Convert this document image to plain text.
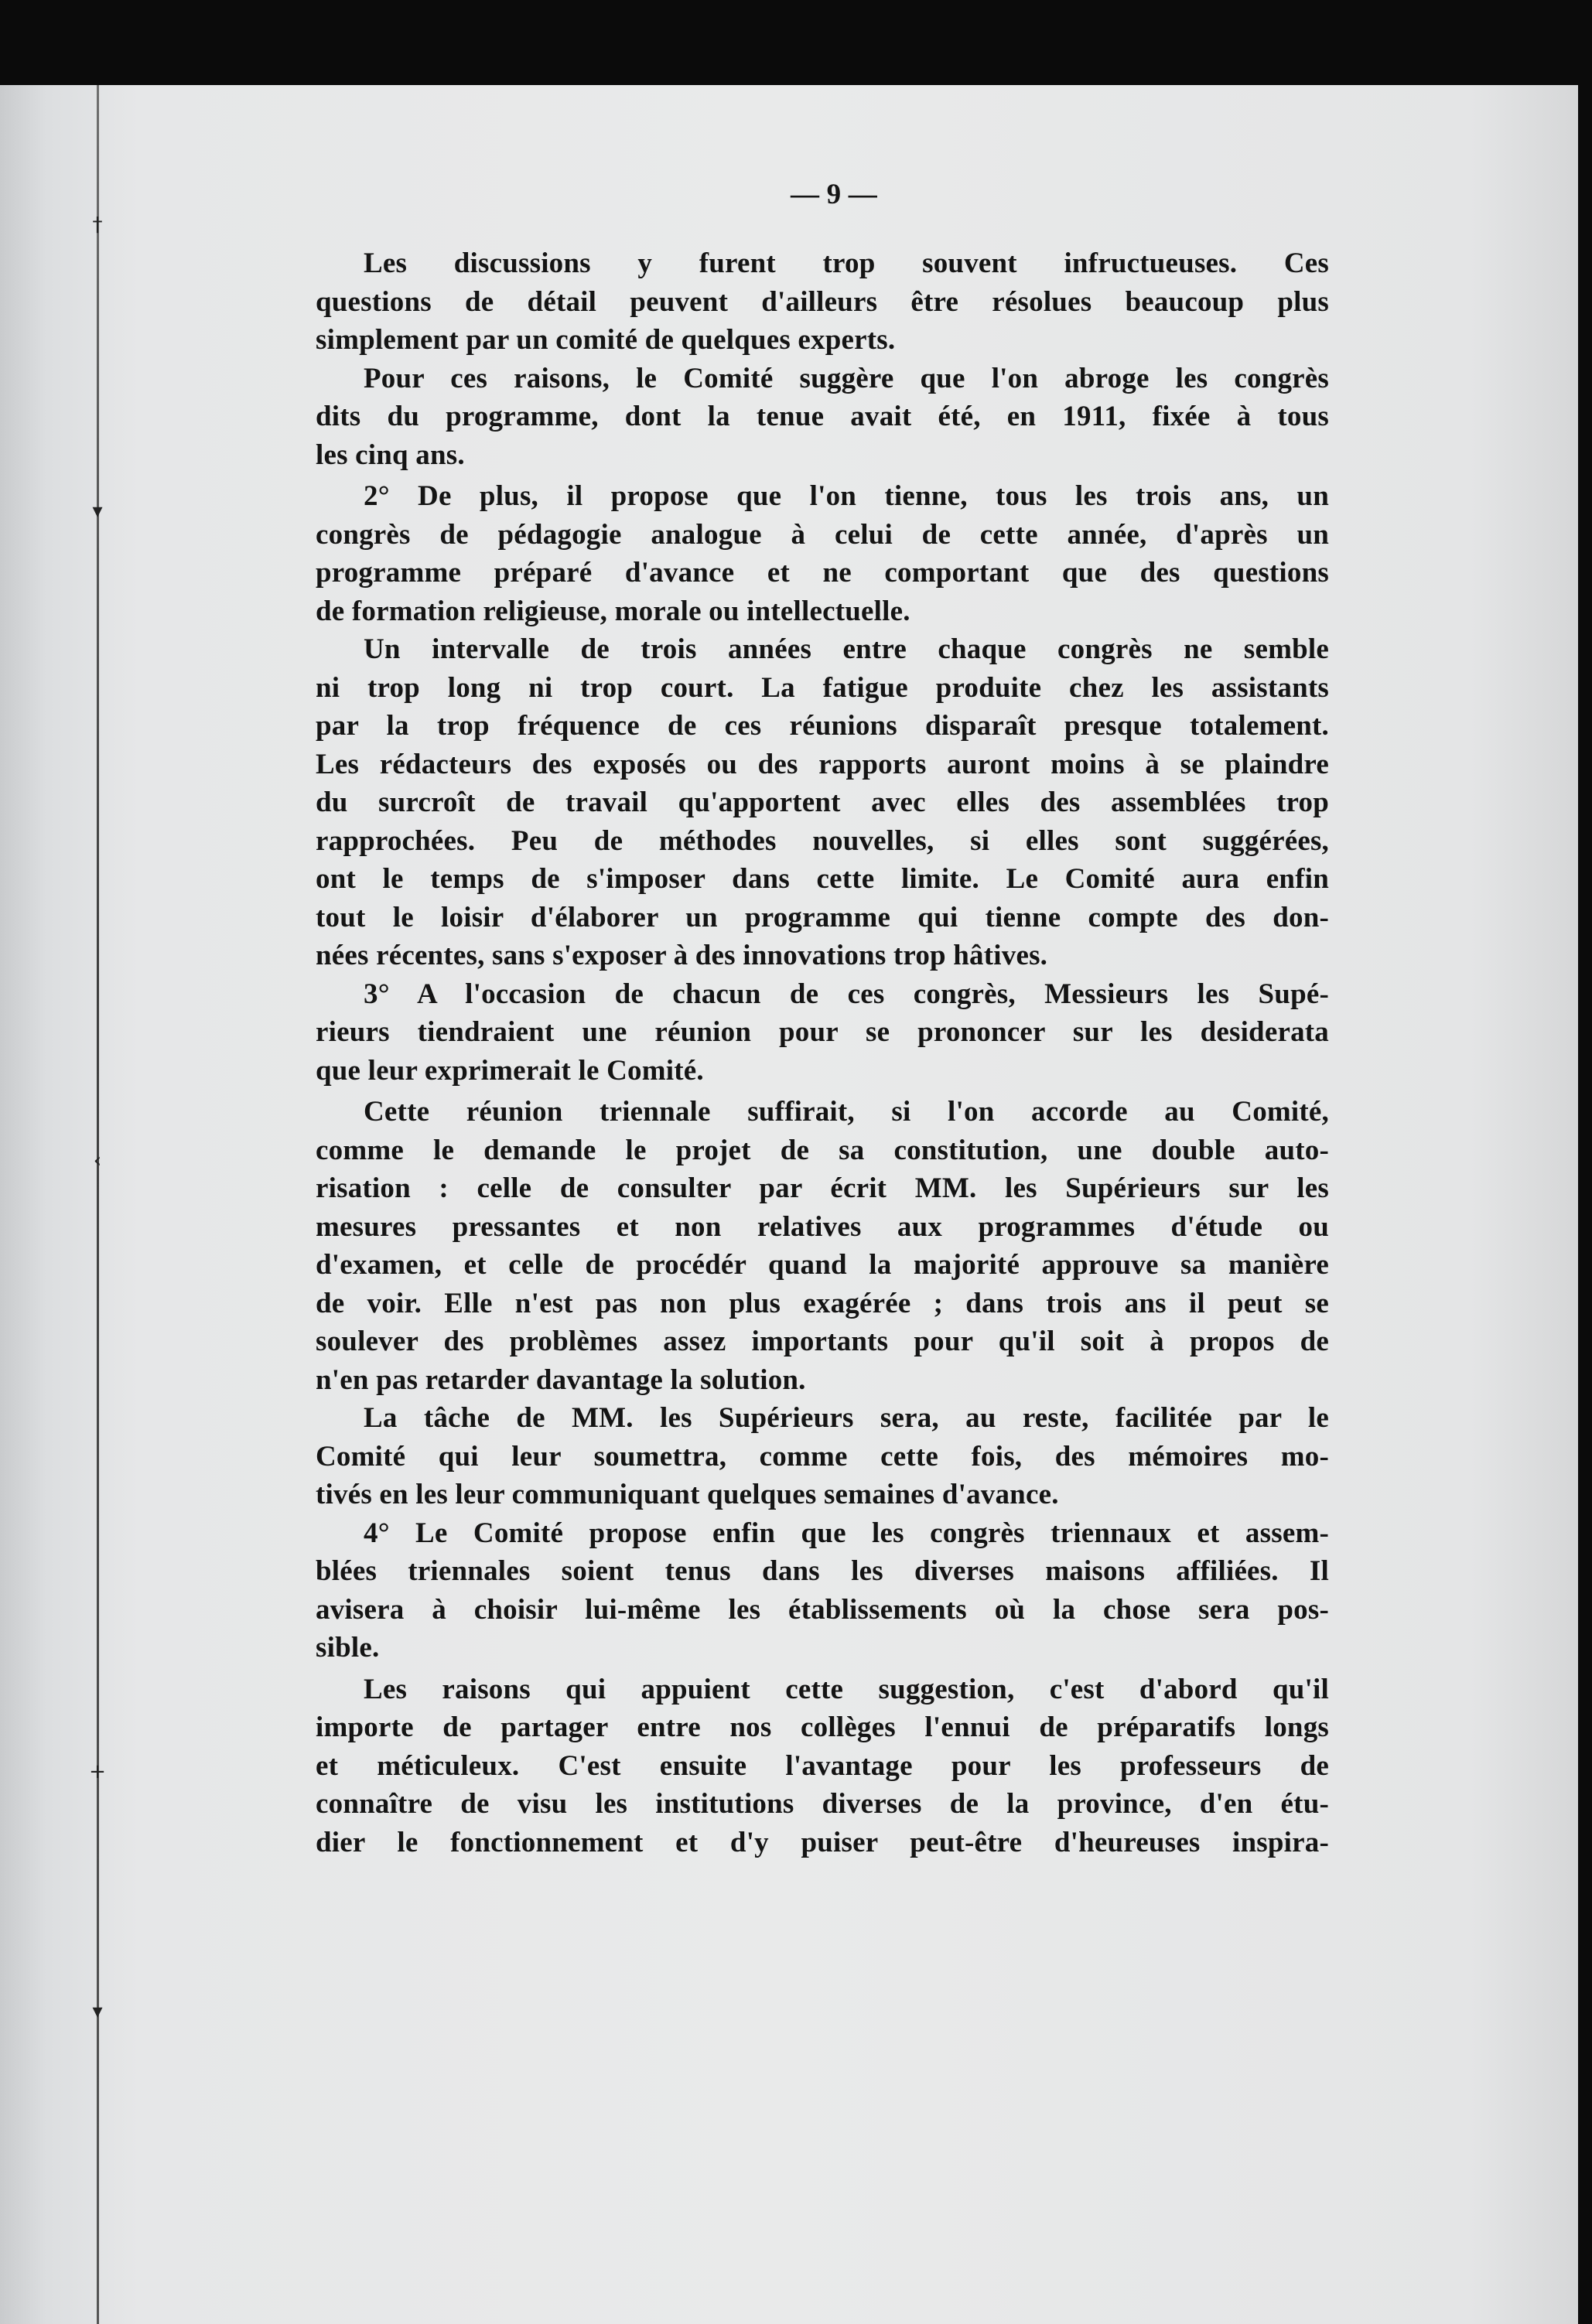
†
▾
‹
+
▾
— 9 —
Les discussions y furent trop souvent infructueuses. Ces
questions de détail peuvent d'ailleurs être résolues beaucoup plus
simplement par un comité de quelques experts.
Pour ces raisons, le Comité suggère que l'on abroge les congrès
dits du programme, dont la tenue avait été, en 1911, fixée à tous
les cinq ans.
2° De plus, il propose que l'on tienne, tous les trois ans, un
congrès de pédagogie analogue à celui de cette année, d'après un
programme préparé d'avance et ne comportant que des questions
de formation religieuse, morale ou intellectuelle.
Un intervalle de trois années entre chaque congrès ne semble
ni trop long ni trop court. La fatigue produite chez les assistants
par la trop fréquence de ces réunions disparaît presque totalement.
Les rédacteurs des exposés ou des rapports auront moins à se plaindre
du surcroît de travail qu'apportent avec elles des assemblées trop
rapprochées. Peu de méthodes nouvelles, si elles sont suggérées,
ont le temps de s'imposer dans cette limite. Le Comité aura enfin
tout le loisir d'élaborer un programme qui tienne compte des don-
nées récentes, sans s'exposer à des innovations trop hâtives.
3° A l'occasion de chacun de ces congrès, Messieurs les Supé-
rieurs tiendraient une réunion pour se prononcer sur les desiderata
que leur exprimerait le Comité.
Cette réunion triennale suffirait, si l'on accorde au Comité,
comme le demande le projet de sa constitution, une double auto-
risation : celle de consulter par écrit MM. les Supérieurs sur les
mesures pressantes et non relatives aux programmes d'étude ou
d'examen, et celle de procédér quand la majorité approuve sa manière
de voir. Elle n'est pas non plus exagérée ; dans trois ans il peut se
soulever des problèmes assez importants pour qu'il soit à propos de
n'en pas retarder davantage la solution.
La tâche de MM. les Supérieurs sera, au reste, facilitée par le
Comité qui leur soumettra, comme cette fois, des mémoires mo-
tivés en les leur communiquant quelques semaines d'avance.
4° Le Comité propose enfin que les congrès triennaux et assem-
blées triennales soient tenus dans les diverses maisons affiliées. Il
avisera à choisir lui-même les établissements où la chose sera pos-
sible.
Les raisons qui appuient cette suggestion, c'est d'abord qu'il
importe de partager entre nos collèges l'ennui de préparatifs longs
et méticuleux. C'est ensuite l'avantage pour les professeurs de
connaître de visu les institutions diverses de la province, d'en étu-
dier le fonctionnement et d'y puiser peut-être d'heureuses inspira-
